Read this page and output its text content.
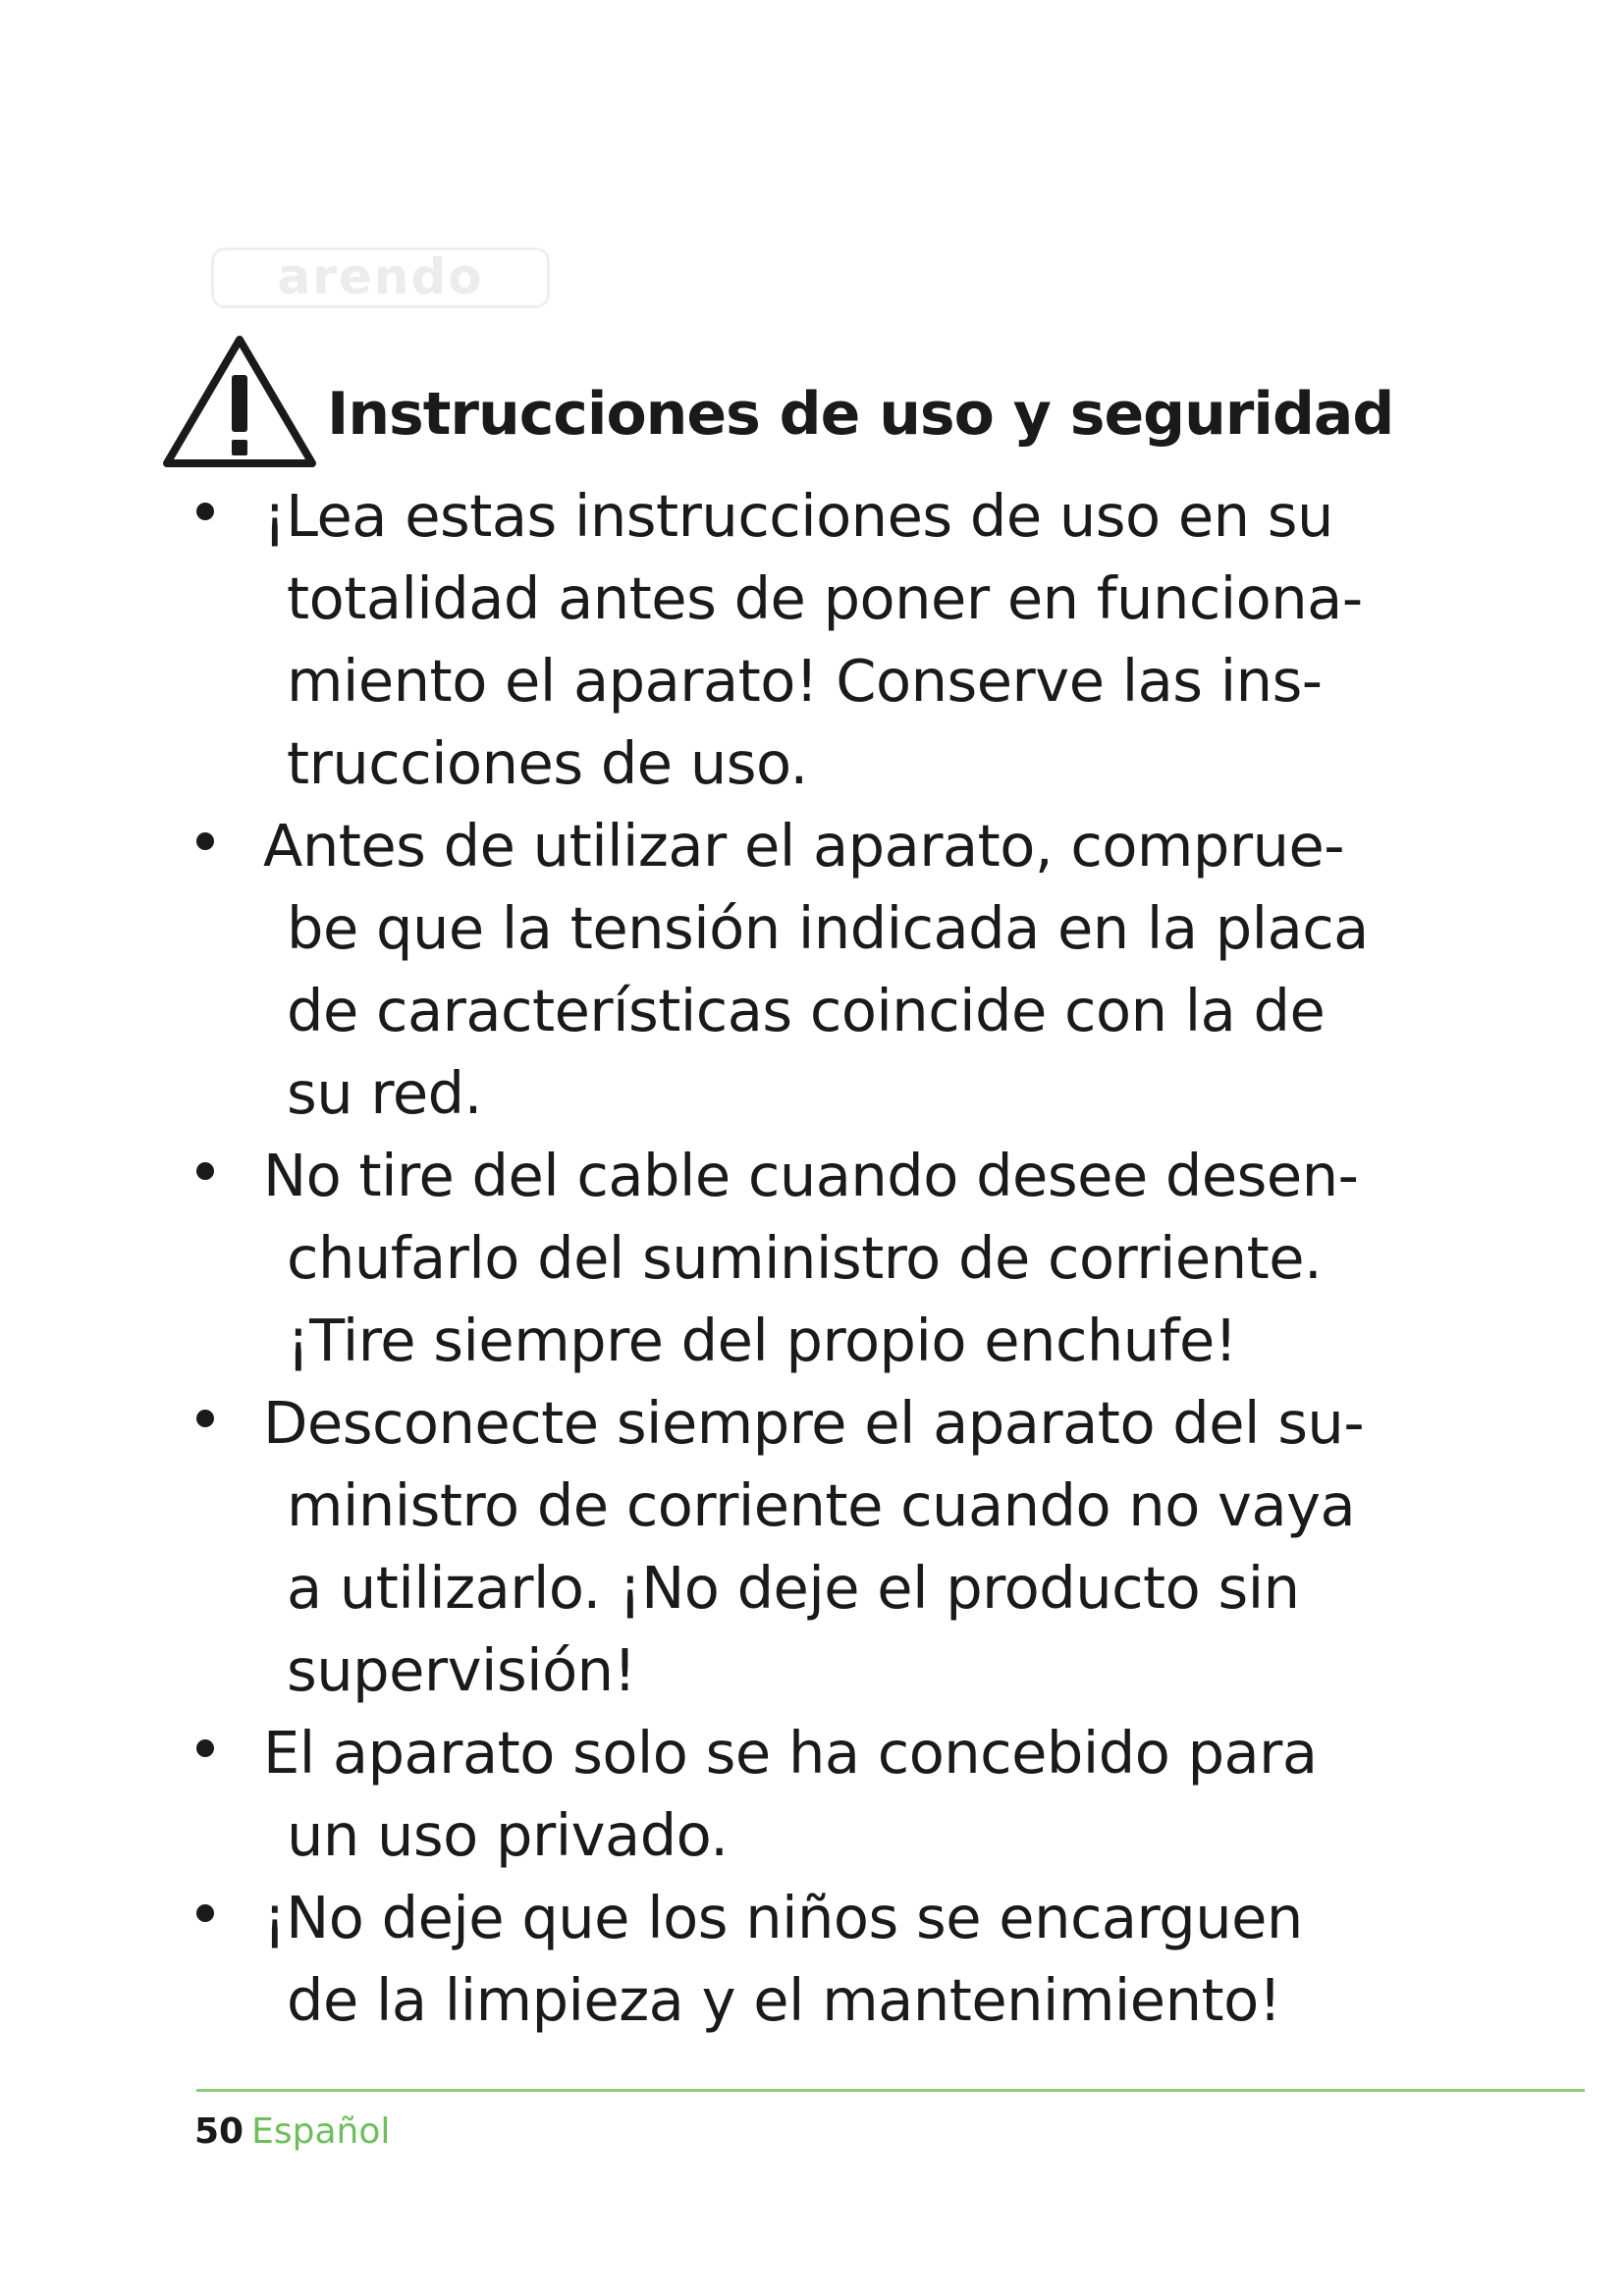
arendo
Instrucciones de uso y seguridad
¡Lea estas instrucciones de uso en su
totalidad antes de poner en funciona-
miento el aparato! Conserve las ins-
trucciones de uso.
Antes de utilizar el aparato, comprue-
be que la tensión indicada en la placa
de características coincide con la de
su red.
No tire del cable cuando desee desen-
chufarlo del suministro de corriente.
¡Tire siempre del propio enchufe!
Desconecte siempre el aparato del su-
ministro de corriente cuando no vaya
a utilizarlo. ¡No deje el producto sin
supervisión!
El aparato solo se ha concebido para
un uso privado.
¡No deje que los niños se encarguen
de la limpieza y el mantenimiento!
50 Español
